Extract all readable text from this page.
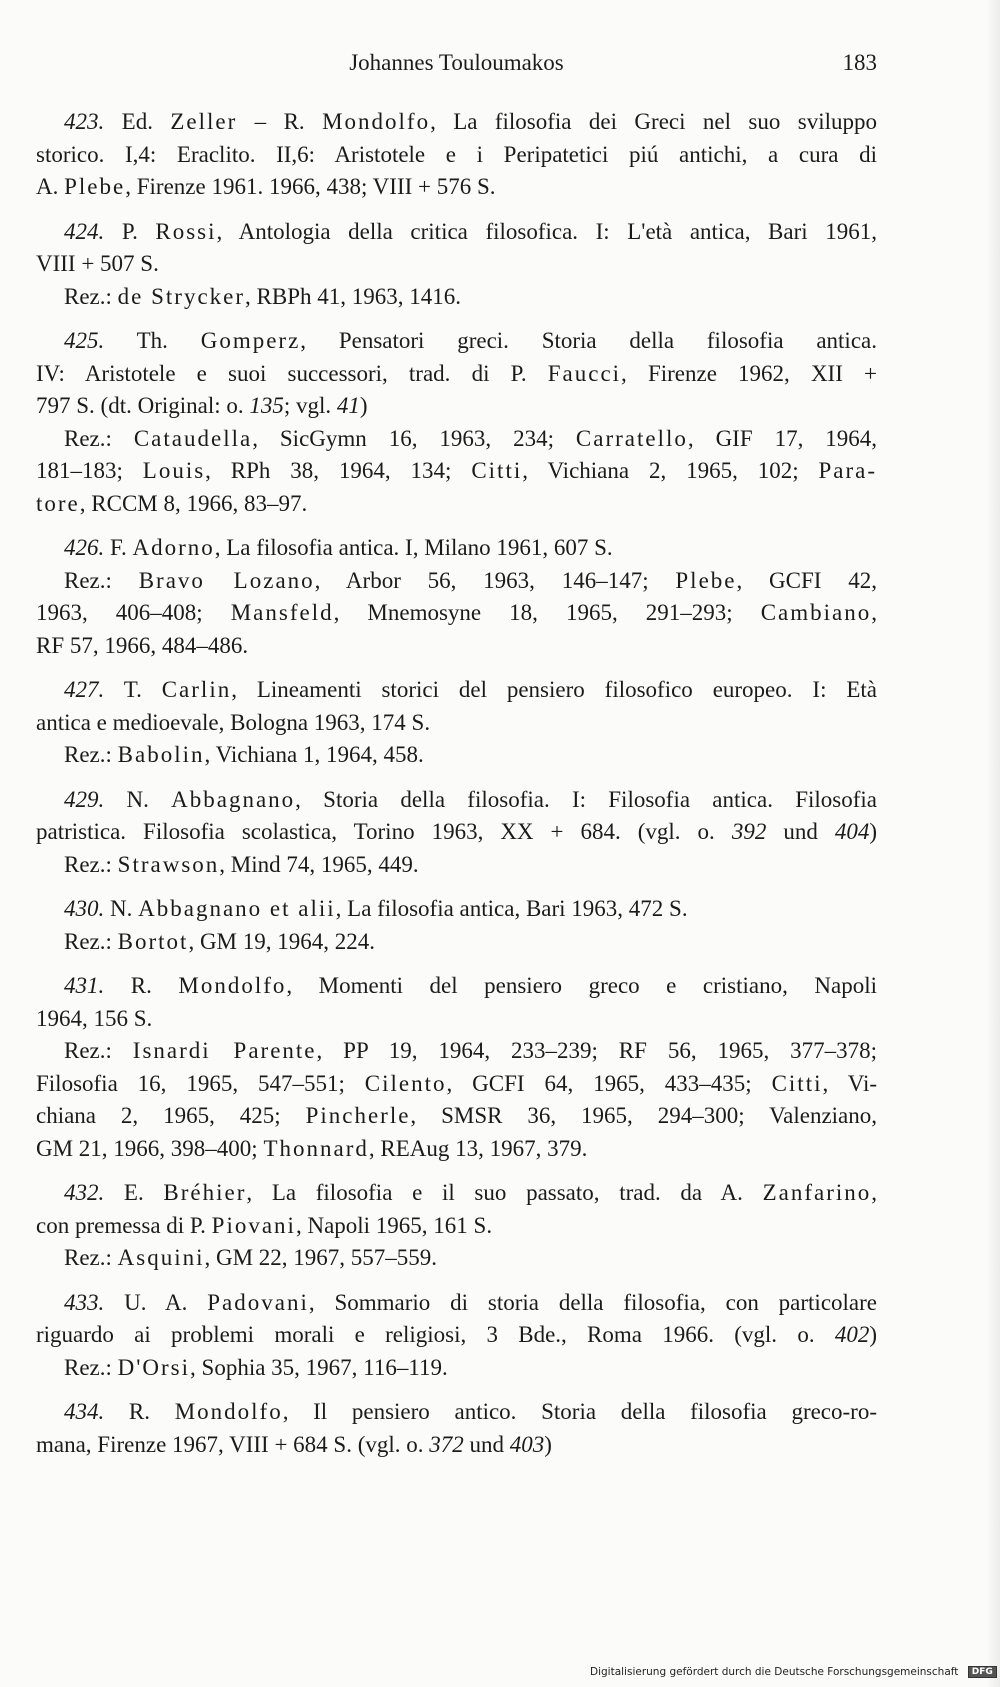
Johannes Touloumakos	183
423. Ed. Zeller – R. Mondolfo, La filosofia dei Greci nel suo sviluppo
storico. I,4: Eraclito. II,6: Aristotele e i Peripatetici piú antichi, a cura di
A. Plebe, Firenze 1961. 1966, 438; VIII + 576 S.
424. P. Rossi, Antologia della critica filosofica. I: L'età antica, Bari 1961,
VIII + 507 S.
Rez.: de Strycker, RBPh 41, 1963, 1416.
425. Th. Gomperz, Pensatori greci. Storia della filosofia antica.
IV: Aristotele e suoi successori, trad. di P. Faucci, Firenze 1962, XII +
797 S. (dt. Original: o. 135; vgl. 41)
Rez.: Cataudella, SicGymn 16, 1963, 234; Carratello, GIF 17, 1964,
181–183; Louis, RPh 38, 1964, 134; Citti, Vichiana 2, 1965, 102; Para-
tore, RCCM 8, 1966, 83–97.
426. F. Adorno, La filosofia antica. I, Milano 1961, 607 S.
Rez.: Bravo Lozano, Arbor 56, 1963, 146–147; Plebe, GCFI 42,
1963, 406–408; Mansfeld, Mnemosyne 18, 1965, 291–293; Cambiano,
RF 57, 1966, 484–486.
427. T. Carlin, Lineamenti storici del pensiero filosofico europeo. I: Età
antica e medioevale, Bologna 1963, 174 S.
Rez.: Babolin, Vichiana 1, 1964, 458.
429. N. Abbagnano, Storia della filosofia. I: Filosofia antica. Filosofia
patristica. Filosofia scolastica, Torino 1963, XX + 684. (vgl. o. 392 und 404)
Rez.: Strawson, Mind 74, 1965, 449.
430. N. Abbagnano et alii, La filosofia antica, Bari 1963, 472 S.
Rez.: Bortot, GM 19, 1964, 224.
431. R. Mondolfo, Momenti del pensiero greco e cristiano, Napoli
1964, 156 S.
Rez.: Isnardi Parente, PP 19, 1964, 233–239; RF 56, 1965, 377–378;
Filosofia 16, 1965, 547–551; Cilento, GCFI 64, 1965, 433–435; Citti, Vi-
chiana 2, 1965, 425; Pincherle, SMSR 36, 1965, 294–300; Valenziano,
GM 21, 1966, 398–400; Thonnard, REAug 13, 1967, 379.
432. E. Bréhier, La filosofia e il suo passato, trad. da A. Zanfarino,
con premessa di P. Piovani, Napoli 1965, 161 S.
Rez.: Asquini, GM 22, 1967, 557–559.
433. U. A. Padovani, Sommario di storia della filosofia, con particolare
riguardo ai problemi morali e religiosi, 3 Bde., Roma 1966. (vgl. o. 402)
Rez.: D'Orsi, Sophia 35, 1967, 116–119.
434. R. Mondolfo, Il pensiero antico. Storia della filosofia greco-ro-
mana, Firenze 1967, VIII + 684 S. (vgl. o. 372 und 403)
Digitalisierung gefördert durch die Deutsche Forschungsgemeinschaft DFG
